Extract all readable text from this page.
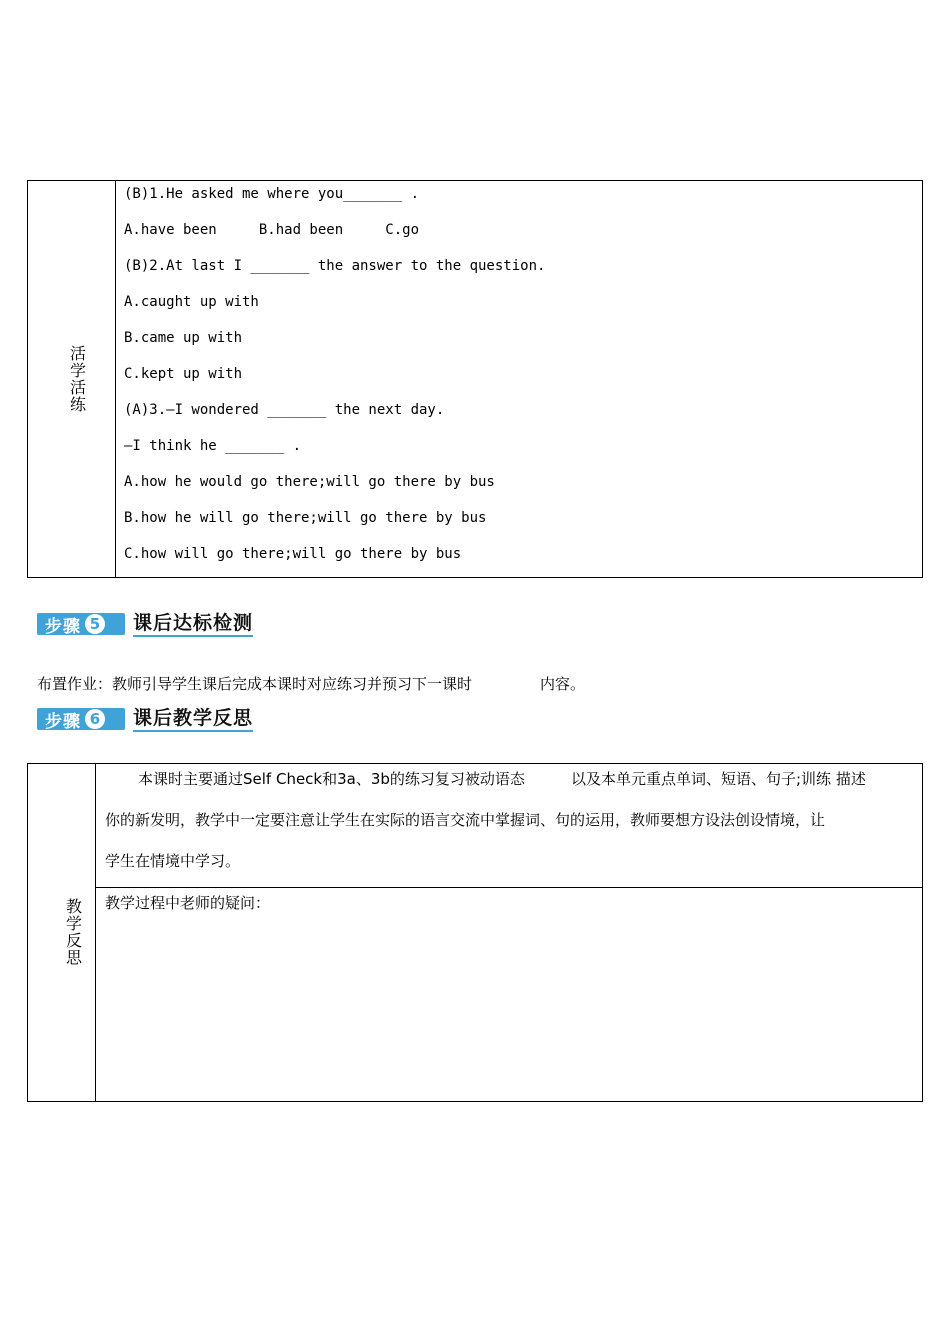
活
学
活
练
(B)1.He asked me where you_______ .
A.have been     B.had been     C.go
(B)2.At last I _______ the answer to the question.
A.caught up with
B.came up with
C.kept up with
(A)3.—I wondered _______ the next day.
—I think he _______ .
A.how he would go there;will go there by bus
B.how he will go there;will go there by bus
C.how will go there;will go there by bus
步骤 5 课后达标检测
布置作业：教师引导学生课后完成本课时对应练习并预习下一课时	内容。
步骤 6 课后教学反思
教
学
反
思
本课时主要通过Self Check和3a、3b的练习复习被动语态	以及本单元重点单词、短语、句子;训练 描述
你的新发明，教学中一定要注意让学生在实际的语言交流中掌握词、句的运用，教师要想方设法创设情境，让
学生在情境中学习。
教学过程中老师的疑问：
